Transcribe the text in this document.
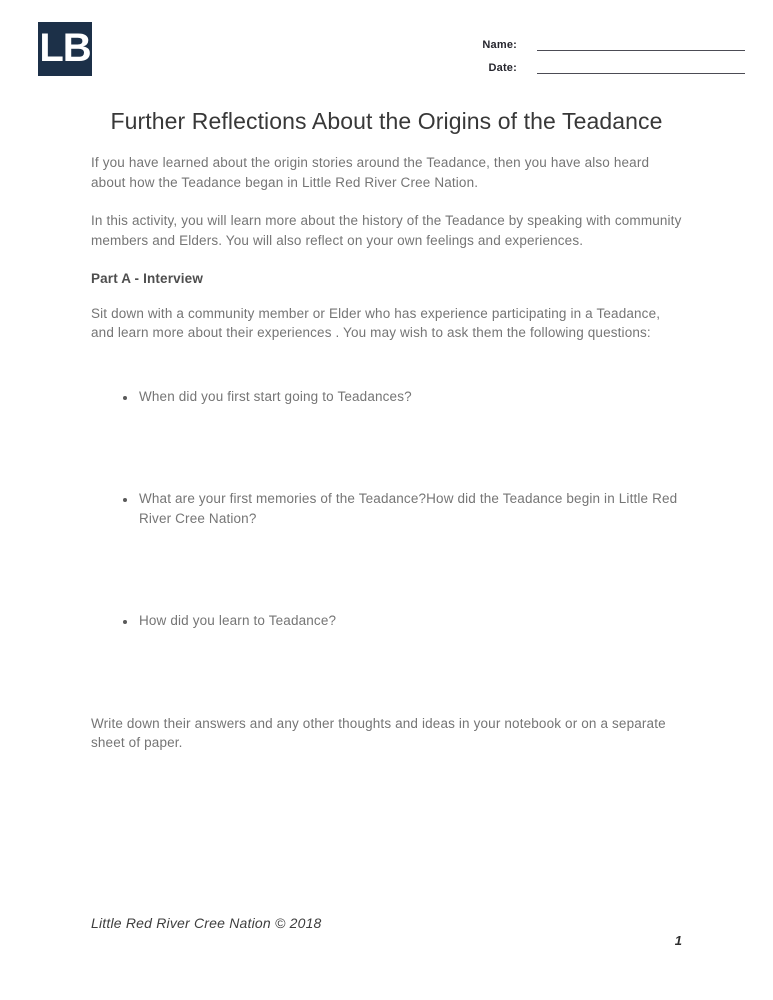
LB	Name:
Date:
Further Reflections About the Origins of the Teadance

If you have learned about the origin stories around the Teadance, then you have also heard about how the Teadance began in Little Red River Cree Nation.

In this activity, you will learn more about the history of the Teadance by speaking with community members and Elders. You will also reflect on your own feelings and experiences.

Part A - Interview

Sit down with a community member or Elder who has experience participating in a Teadance, and learn more about their experiences . You may wish to ask them the following questions:

• When did you first start going to Teadances?
• What are your first memories of the Teadance?How did the Teadance begin in Little Red River Cree Nation?
• How did you learn to Teadance?

Write down their answers and any other thoughts and ideas in your notebook or on a separate sheet of paper.

Little Red River Cree Nation © 2018
1
